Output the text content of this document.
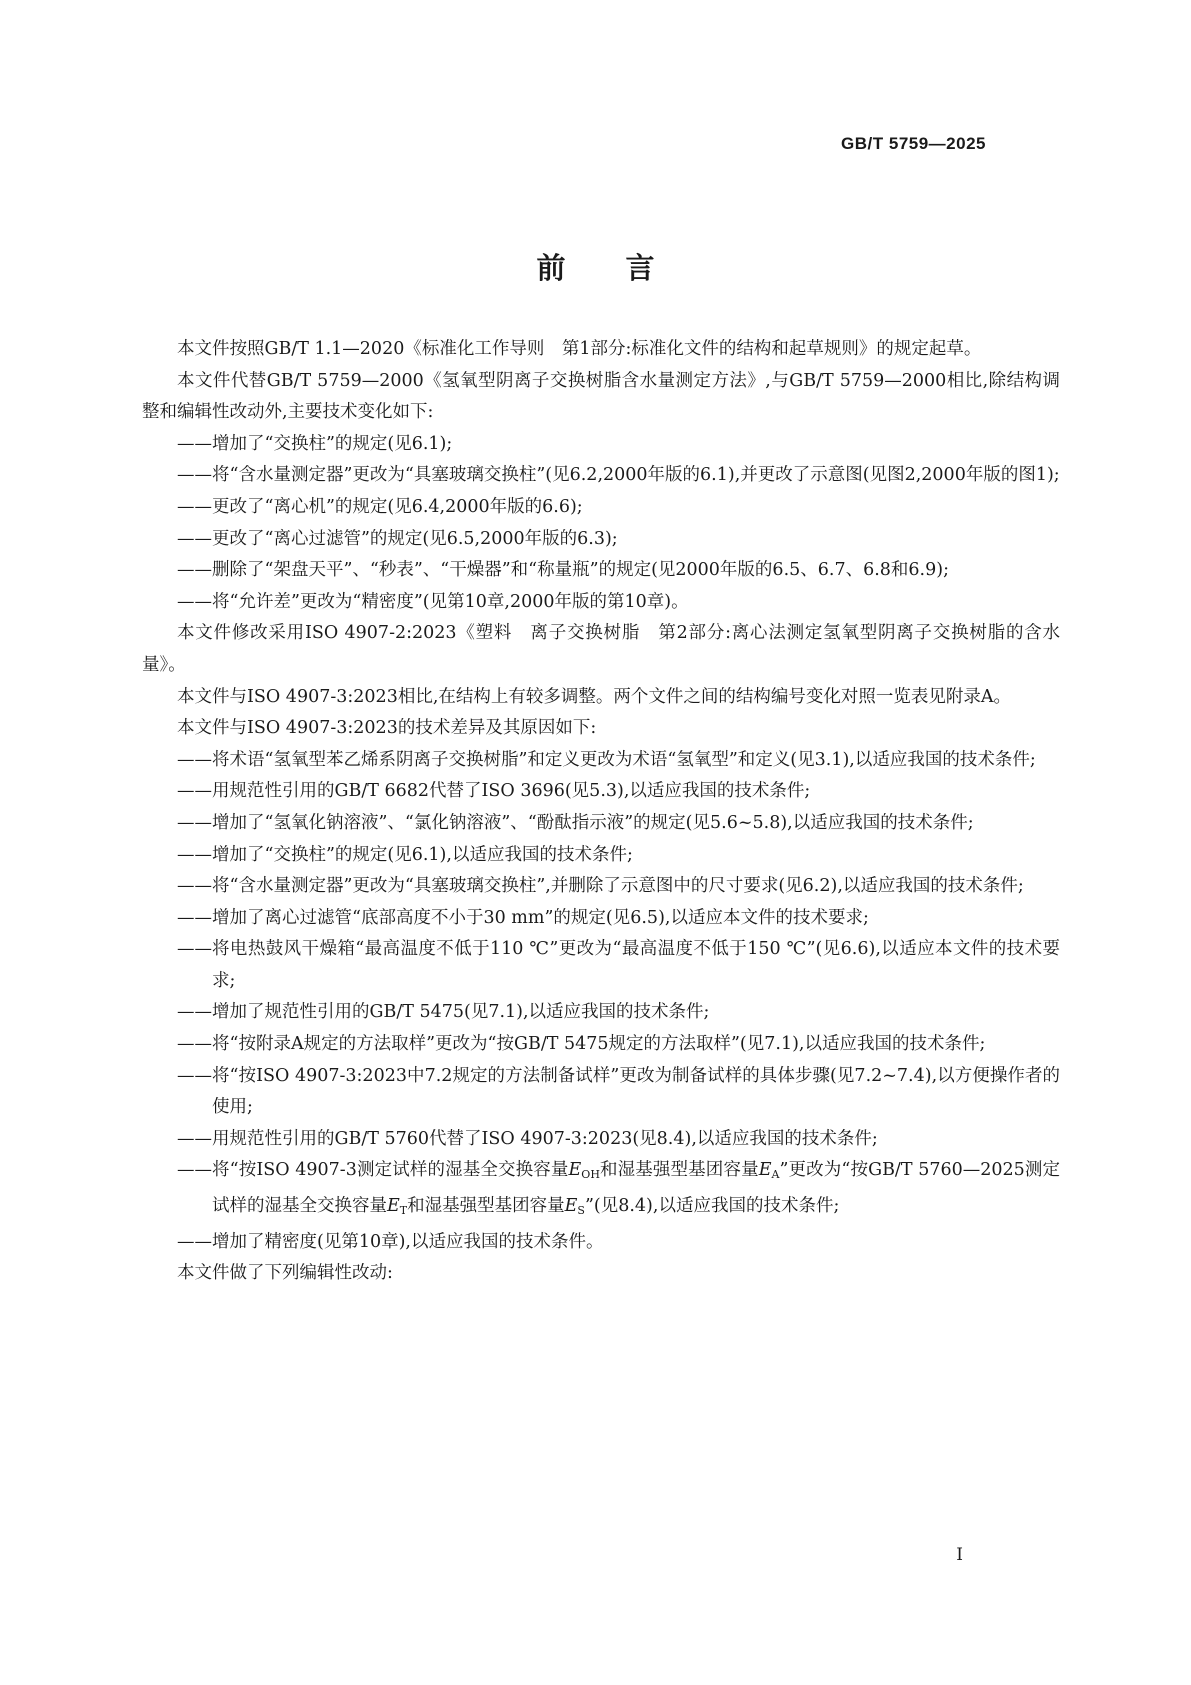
GB/T 5759—2025
前 言

本文件按照GB/T 1.1—2020《标准化工作导则　第1部分:标准化文件的结构和起草规则》的规定起草。

本文件代替GB/T 5759—2000《氢氧型阴离子交换树脂含水量测定方法》,与GB/T 5759—2000相比,除结构调整和编辑性改动外,主要技术变化如下:

—— 增加了“交换柱”的规定(见6.1);

—— 将“含水量测定器”更改为“具塞玻璃交换柱”(见6.2,2000年版的6.1),并更改了示意图(见图2,2000年版的图1);

—— 更改了“离心机”的规定(见6.4,2000年版的6.6);

—— 更改了“离心过滤管”的规定(见6.5,2000年版的6.3);

—— 删除了“架盘天平”、“秒表”、“干燥器”和“称量瓶”的规定(见2000年版的6.5、6.7、6.8和6.9);

—— 将“允许差”更改为“精密度”(见第10章,2000年版的第10章)。

本文件修改采用ISO 4907-2:2023《塑料　离子交换树脂　第2部分:离心法测定氢氧型阴离子交换树脂的含水量》。

本文件与ISO 4907-3:2023相比,在结构上有较多调整。两个文件之间的结构编号变化对照一览表见附录A。

本文件与ISO 4907-3:2023的技术差异及其原因如下:

—— 将术语“氢氧型苯乙烯系阴离子交换树脂”和定义更改为术语“氢氧型”和定义(见3.1),以适应我国的技术条件;

—— 用规范性引用的GB/T 6682代替了ISO 3696(见5.3),以适应我国的技术条件;

—— 增加了“氢氧化钠溶液”、“氯化钠溶液”、“酚酞指示液”的规定(见5.6~5.8),以适应我国的技术条件;

—— 增加了“交换柱”的规定(见6.1),以适应我国的技术条件;

—— 将“含水量测定器”更改为“具塞玻璃交换柱”,并删除了示意图中的尺寸要求(见6.2),以适应我国的技术条件;

—— 增加了离心过滤管“底部高度不小于30 mm”的规定(见6.5),以适应本文件的技术要求;

—— 将电热鼓风干燥箱“最高温度不低于110 ℃”更改为“最高温度不低于150 ℃”(见6.6),以适应本文件的技术要求;

—— 增加了规范性引用的GB/T 5475(见7.1),以适应我国的技术条件;

—— 将“按附录A规定的方法取样”更改为“按GB/T 5475规定的方法取样”(见7.1),以适应我国的技术条件;

—— 将“按ISO 4907-3:2023中7.2规定的方法制备试样”更改为制备试样的具体步骤(见7.2~7.4),以方便操作者的使用;

—— 用规范性引用的GB/T 5760代替了ISO 4907-3:2023(见8.4),以适应我国的技术条件;

—— 将“按ISO 4907-3测定试样的湿基全交换容量$E_{OH}$和湿基强型基团容量$E_A$”更改为“按GB/T 5760—2025测定试样的湿基全交换容量$E_T$和湿基强型基团容量$E_S$”(见8.4),以适应我国的技术条件;

—— 增加了精密度(见第10章),以适应我国的技术条件。

本文件做了下列编辑性改动:

I
